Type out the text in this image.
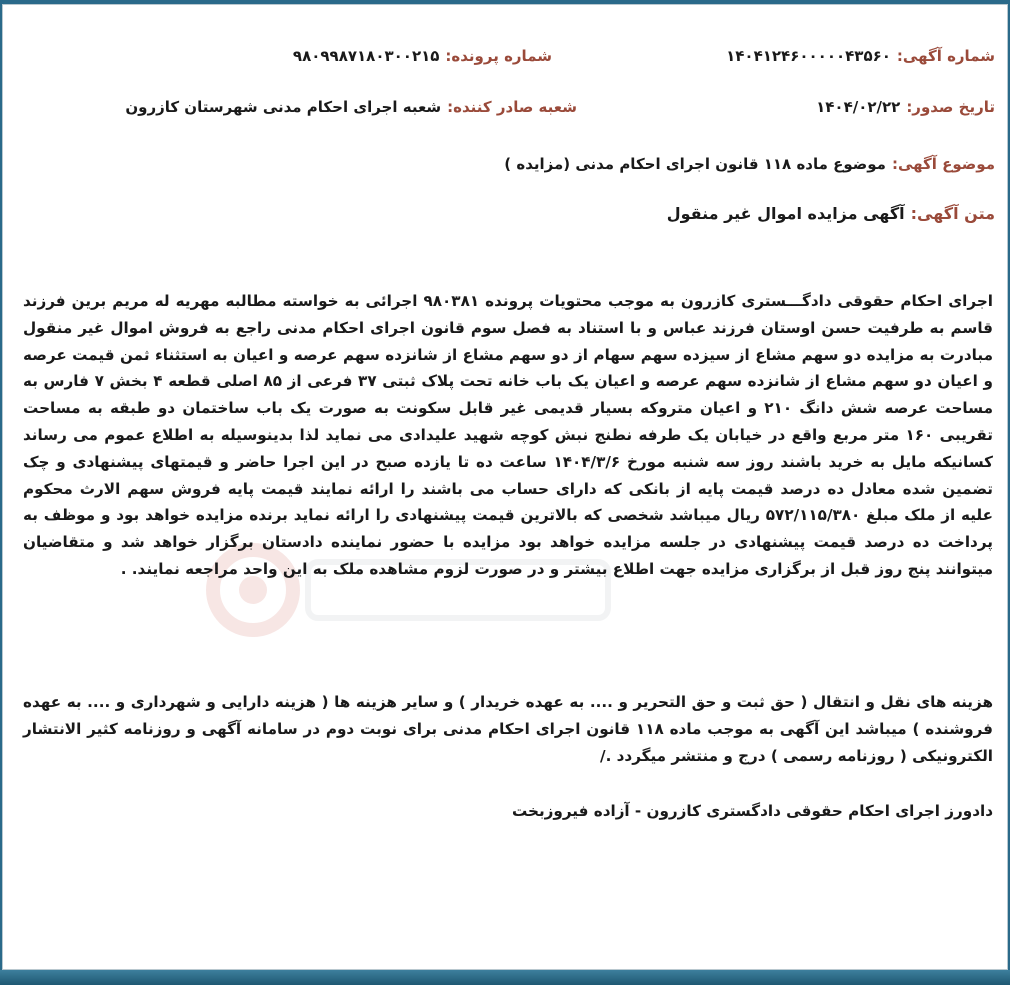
شماره آگهی:۱۴۰۴۱۲۴۶۰۰۰۰۰۴۳۵۶۰
شماره پرونده:۹۸۰۹۹۸۷۱۸۰۳۰۰۲۱۵
تاریخ صدور:۱۴۰۴/۰۲/۲۲
شعبه صادر کننده:شعبه اجرای احکام مدنی شهرستان کازرون
موضوع آگهی:موضوع ماده ۱۱۸ قانون اجرای احکام مدنی (مزایده )
متن آگهی:آگهی مزایده اموال غیر منقول
اجرای احکام حقوقی دادگـــستری کازرون به موجب محتویات پرونده ۹۸۰۳۸۱ اجرائی به خواسته مطالبه مهریه له مریم برین فرزند قاسم به طرفیت حسن اوستان فرزند عباس و با استناد به فصل سوم قانون اجرای احکام مدنی راجع به فروش اموال غیر منقول مبادرت به مزایده دو سهم مشاع از سیزده سهم سهام از دو سهم مشاع از شانزده سهم عرصه و اعیان به استثناء ثمن قیمت عرصه و اعیان دو سهم مشاع از شانزده سهم عرصه و اعیان یک باب خانه تحت پلاک ثبتی ۳۷ فرعی از ۸۵ اصلی قطعه ۴ بخش ۷ فارس به مساحت عرصه شش دانگ ۲۱۰ و اعیان متروکه بسیار قدیمی غیر قابل سکونت به صورت یک باب ساختمان دو طبقه به مساحت تقریبی ۱۶۰ متر مربع واقع در خیابان یک طرفه نطنج نبش کوچه شهید علیدادی می نماید لذا بدینوسیله به اطلاع عموم می رساند کسانیکه مایل به خرید باشند روز سه شنبه مورخ ۱۴۰۴/۳/۶ ساعت ده تا یازده صبح در این اجرا حاضر و قیمتهای پیشنهادی و چک تضمین شده معادل ده درصد قیمت پایه از بانکی که دارای حساب می باشند را ارائه نمایند قیمت پایه فروش سهم الارث محکوم علیه از ملک مبلغ ۵۷۲/۱۱۵/۳۸۰ ریال میباشد شخصی که بالاترین قیمت پیشنهادی را ارائه نماید برنده مزایده خواهد بود و موظف به پرداخت ده درصد قیمت پیشنهادی در جلسه مزایده خواهد بود مزایده با حضور نماینده دادستان برگزار خواهد شد و متقاضیان میتوانند پنج روز قبل از برگزاری مزایده جهت اطلاع بیشتر و در صورت لزوم مشاهده ملک به این واحد مراجعه نمایند. .
هزینه های نقل و انتقال ( حق ثبت و حق التحریر و .... به عهده خریدار ) و سایر هزینه ها ( هزینه دارایی و شهرداری و .... به عهده فروشنده ) میباشد این آگهی به موجب ماده ۱۱۸ قانون اجرای احکام مدنی برای نوبت دوم در سامانه آگهی و روزنامه کثیر الانتشار الکترونیکی ( روزنامه رسمی ) درج و منتشر میگردد ./
دادورز اجرای احکام حقوقی دادگستری کازرون - آزاده فیروزبخت
